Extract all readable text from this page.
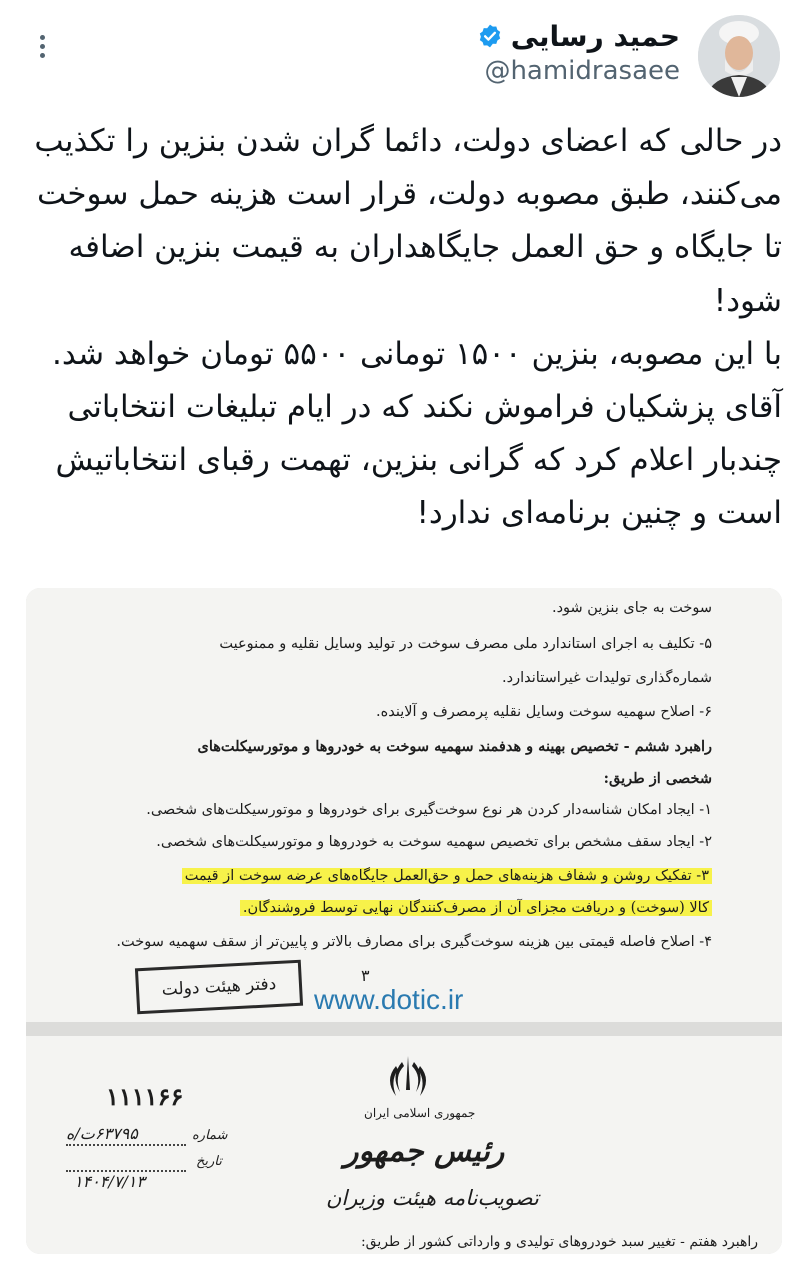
حمید رسایی
@hamidrasaee

در حالی که اعضای دولت، دائما گران شدن بنزین را تکذیب می‌کنند، طبق مصوبه دولت، قرار است هزینه حمل سوخت تا جایگاه و حق العمل جایگاهداران به قیمت بنزین اضافه شود!

با این مصوبه، بنزین ۱۵۰۰ تومانی ۵۵۰۰ تومان خواهد شد.

آقای پزشکیان فراموش نکند که در ایام تبلیغات انتخاباتی چندبار اعلام کرد که گرانی بنزین، تهمت رقبای انتخاباتیش است و چنین برنامه‌ای ندارد!

سوخت به جای بنزین شود.
۵- تکلیف به اجرای استاندارد ملی مصرف سوخت در تولید وسایل نقلیه و ممنوعیت
شماره‌گذاری تولیدات غیراستاندارد.
۶- اصلاح سهمیه سوخت وسایل نقلیه پرمصرف و آلاینده.
راهبرد ششم - تخصیص بهینه و هدفمند سهمیه سوخت به خودروها و موتورسیکلت‌های
شخصی از طریق:
۱- ایجاد امکان شناسه‌دار کردن هر نوع سوخت‌گیری برای خودروها و موتورسیکلت‌های شخصی.
۲- ایجاد سقف مشخص برای تخصیص سهمیه سوخت به خودروها و موتورسیکلت‌های شخصی.
۳- تفکیک روشن و شفاف هزینه‌های حمل و حق‌العمل جایگاه‌های عرضه سوخت از قیمت
کالا (سوخت) و دریافت مجزای آن از مصرف‌کنندگان نهایی توسط فروشندگان.
۴- اصلاح فاصله قیمتی بین هزینه سوخت‌گیری برای مصارف بالاتر و پایین‌تر از سقف سهمیه سوخت.
دفتر هیئت دولت	۳
www.dotic.ir
۱۱۱۱۶۶
شماره
۶۳۷۹۵ت/ه
تاریخ
۱۴۰۴/۷/۱۳
جمهوری اسلامی ایران
رئیس جمهور
تصویب‌نامه هیئت وزیران
راهبرد هفتم - تغییر سبد خودروهای تولیدی و وارداتی کشور از طریق:
